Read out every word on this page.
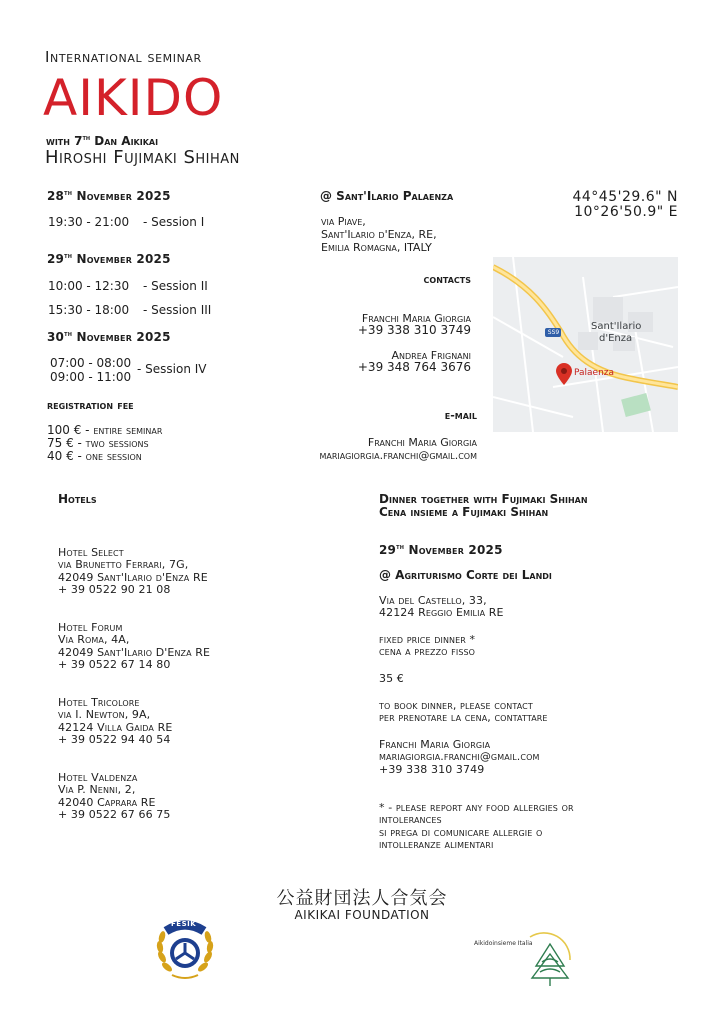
International seminar
AIKIDO
with 7th Dan Aikikai
Hiroshi Fujimaki Shihan
28th November 2025
19:30 - 21:00 - Session I
29th November 2025
10:00 - 12:30 - Session II
15:30 - 18:00 - Session III
30th November 2025
07:00 - 08:00
09:00 - 11:00
- Session IV
registration fee
100 € - entire seminar
75 € - two sessions
40 € - one session
@ Sant'Ilario Palaenza
via Piave,
Sant'Ilario d'Enza, RE,
Emilia Romagna, ITALY
44°45'29.6" N
10°26'50.9" E
contacts
Franchi Maria Giorgia
+39 338 310 3749
Andrea Frignani
+39 348 764 3676
e-mail
Franchi Maria Giorgia
mariagiorgia.franchi@gmail.com
SS9
Sant'Ilario
d'Enza
Palaenza
Hotels
Hotel Select
via Brunetto Ferrari, 7G,
42049 Sant'Ilario d'Enza RE
+ 39 0522 90 21 08
Hotel Forum
Via Roma, 4A,
42049 Sant'Ilario D'Enza RE
+ 39 0522 67 14 80
Hotel Tricolore
via I. Newton, 9A,
42124 Villa Gaida RE
+ 39 0522 94 40 54
Hotel Valdenza
Via P. Nenni, 2,
42040 Caprara RE
+ 39 0522 67 66 75
Dinner together with Fujimaki Shihan
Cena insieme a Fujimaki Shihan
29th November 2025
@ Agriturismo Corte dei Landi
Via del Castello, 33,
42124 Reggio Emilia RE
fixed price dinner *
cena a prezzo fisso
35 €
to book dinner, please contact
per prenotare la cena, contattare
Franchi Maria Giorgia
mariagiorgia.franchi@gmail.com
+39 338 310 3749
* - please report any food allergies or
intolerances
si prega di comunicare allergie o
intolleranze alimentari
公益財団法人合気会
AIKIKAI FOUNDATION
FESIK
Aikidoinsieme Italia
